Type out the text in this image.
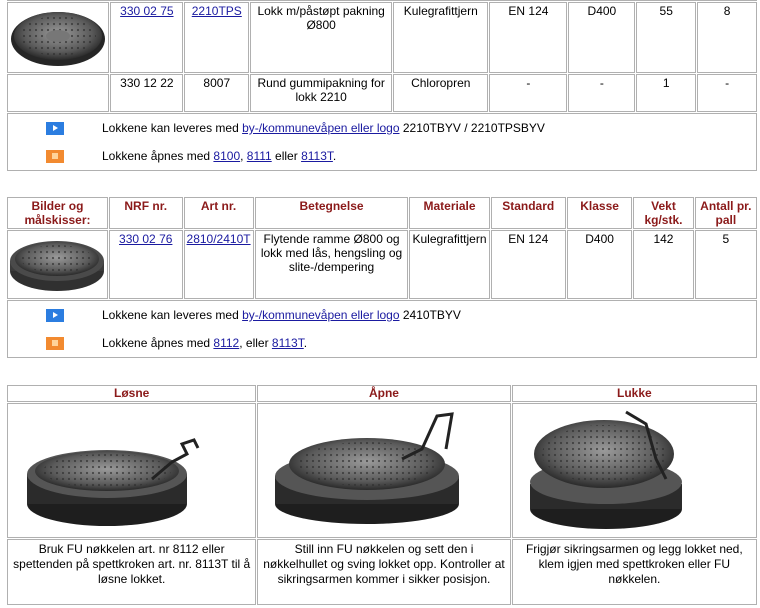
	330 02 75	2210TPS	Lokk m/påstøpt pakning Ø800	Kulegrafittjern	EN 124	D400	55	8
	330 12 22	8007	Rund gummipakning for lokk 2210	Chloropren	-	-	1	-

Lokkene kan leveres med by-/kommunevåpen eller logo 2210TBYV / 2210TPSBYV
Lokkene åpnes med 8100, 8111 eller 8113T.								
Bilder og målskisser:	NRF nr.	Art nr.	Betegnelse	Materiale	Standard	Klasse	Vekt kg/stk.	Antall pr. pall
	330 02 76	2810/2410T	Flytende ramme Ø800 og lokk med lås, hengsling og slite-/dempering	Kulegrafittjern	EN 124	D400	142	5

Lokkene kan leveres med by-/kommunevåpen eller logo 2410TBYV
Lokkene åpnes med 8112, eller 8113T.								
Løsne	Åpne	Lukke

Bruk FU nøkkelen art. nr 8112 eller spettenden på spettkroken art. nr. 8113T til å løsne lokket.	Still inn FU nøkkelen og sett den i nøkkelhullet og sving lokket opp. Kontroller at sikringsarmen kommer i sikker posisjon.	Frigjør sikringsarmen og legg lokket ned, klem igjen med spettkroken eller FU nøkkelen.
